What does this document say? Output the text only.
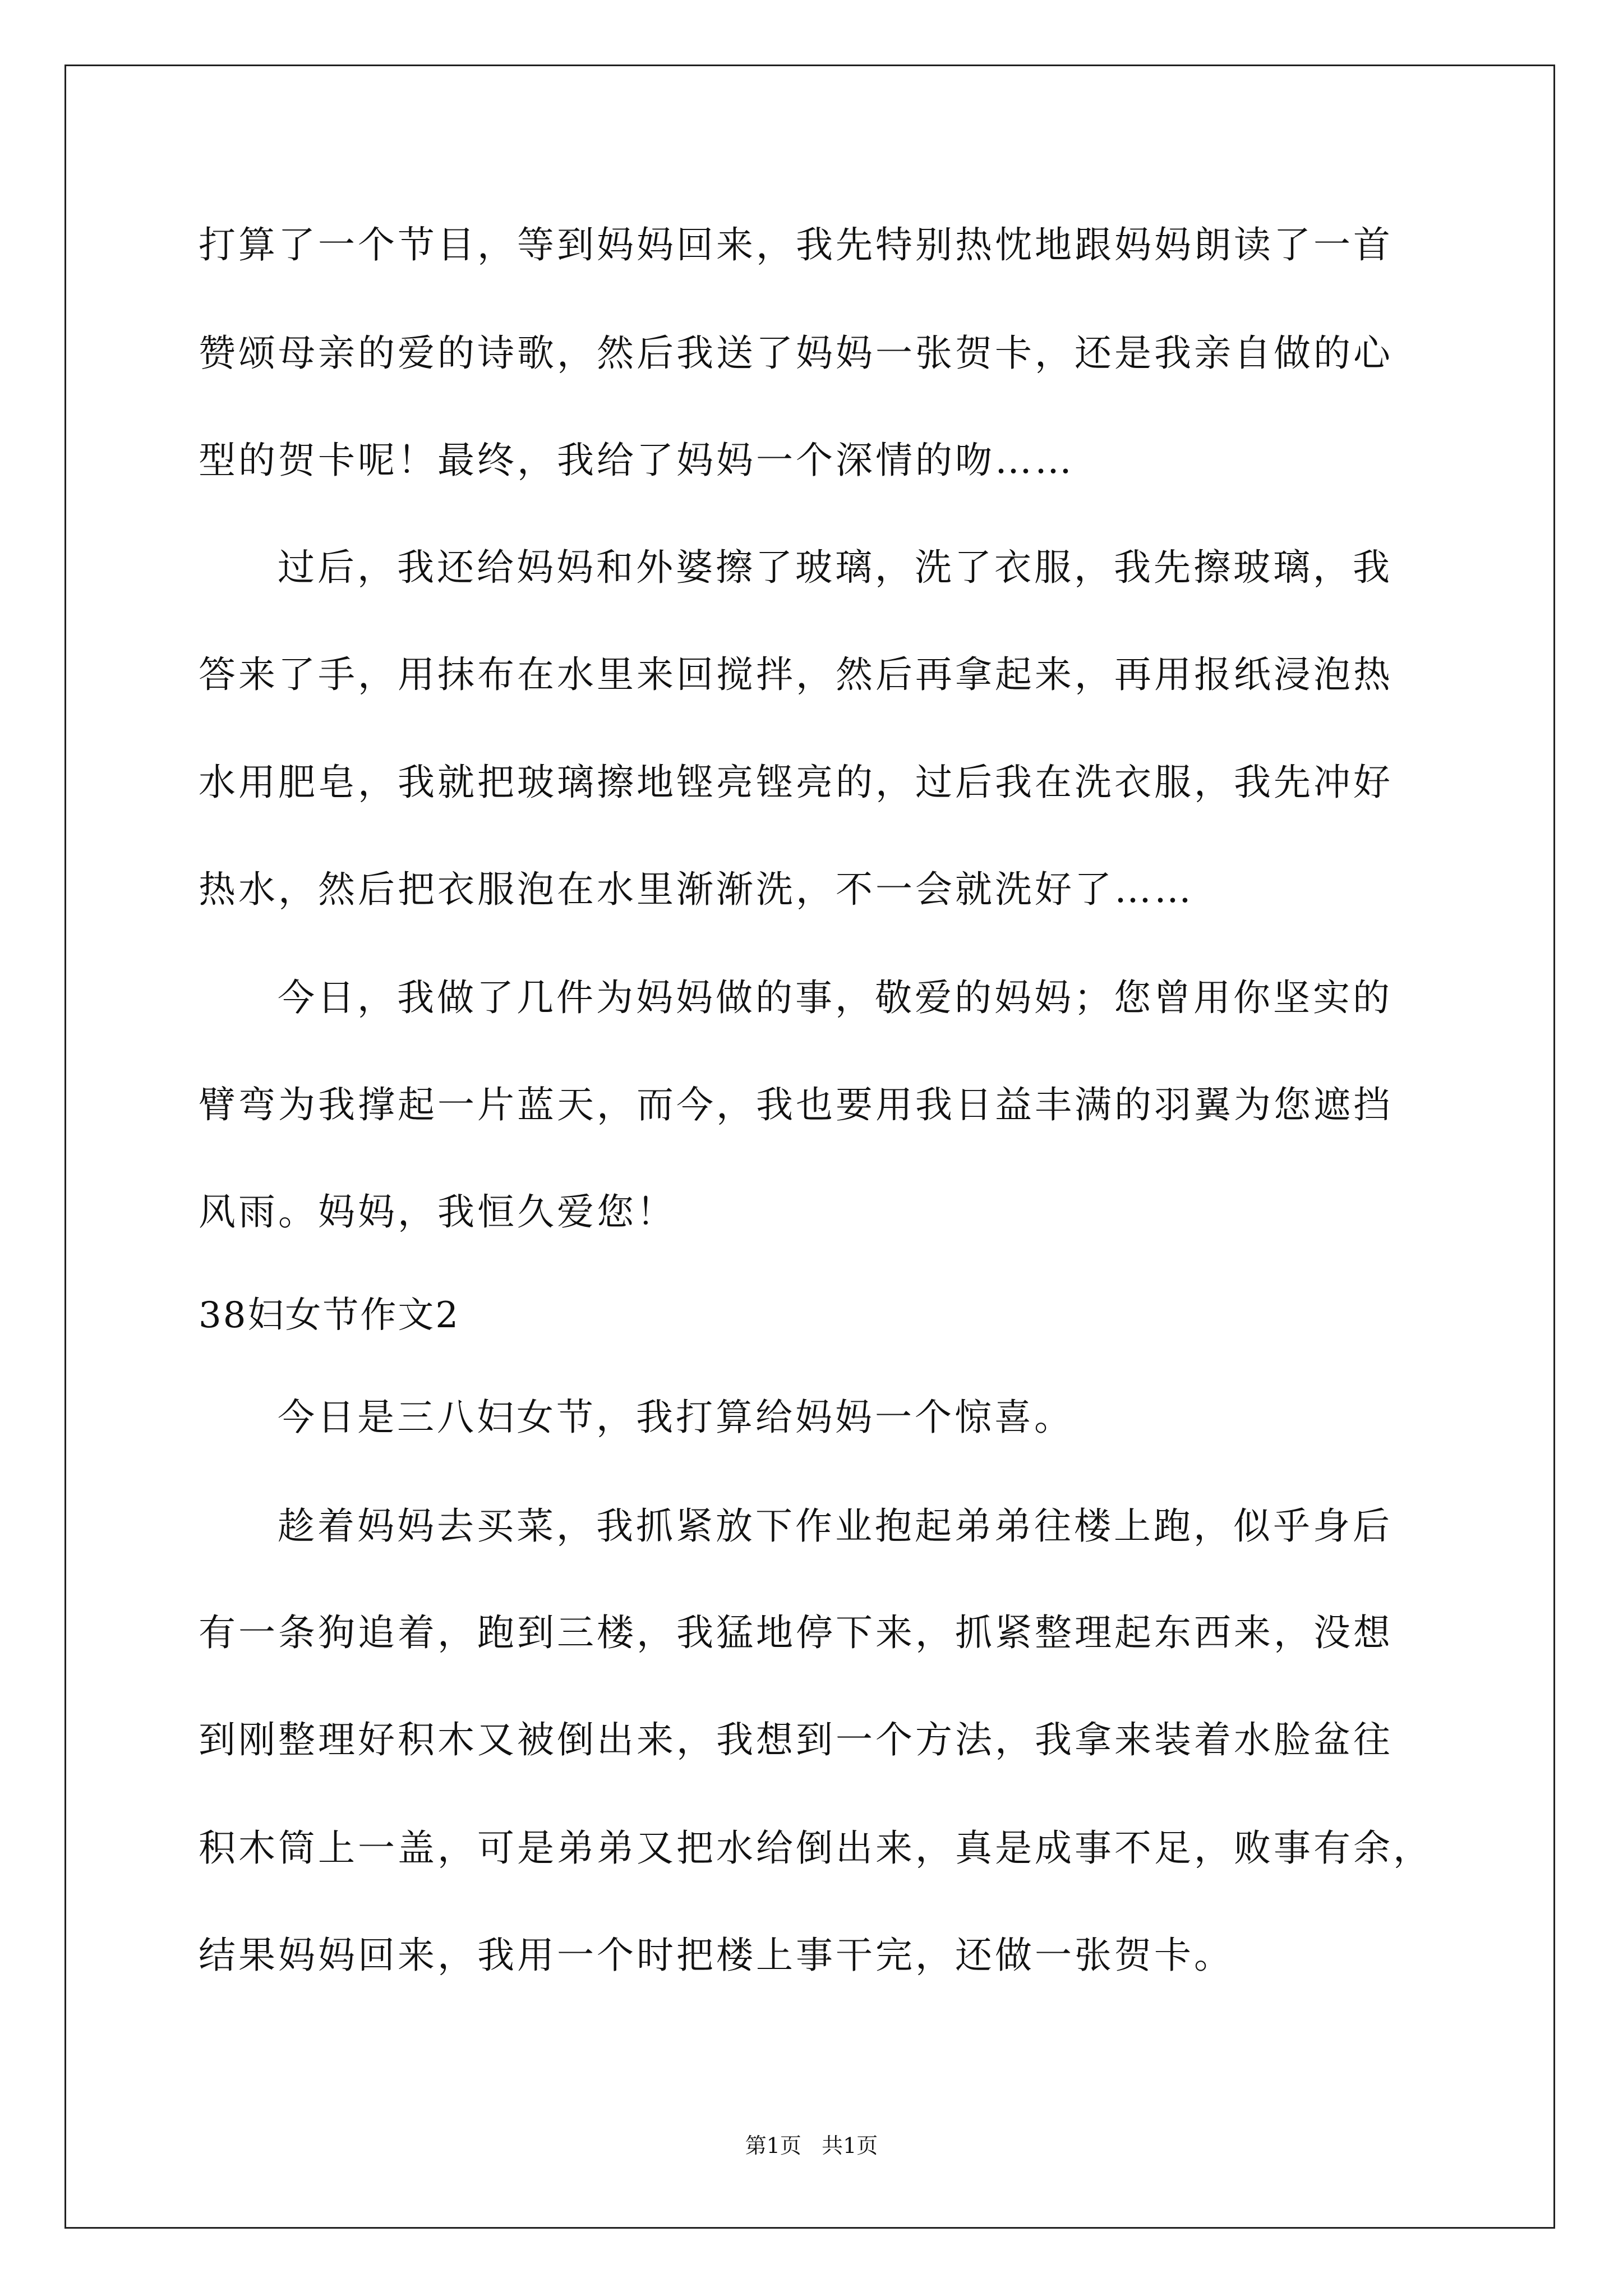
打算了一个节目，等到妈妈回来，我先特别热忱地跟妈妈朗读了一首
赞颂母亲的爱的诗歌，然后我送了妈妈一张贺卡，还是我亲自做的心
型的贺卡呢！最终，我给了妈妈一个深情的吻……
过后，我还给妈妈和外婆擦了玻璃，洗了衣服，我先擦玻璃，我
答来了手，用抹布在水里来回搅拌，然后再拿起来，再用报纸浸泡热
水用肥皂，我就把玻璃擦地铿亮铿亮的，过后我在洗衣服，我先冲好
热水，然后把衣服泡在水里渐渐洗，不一会就洗好了……
今日，我做了几件为妈妈做的事，敬爱的妈妈；您曾用你坚实的
臂弯为我撑起一片蓝天，而今，我也要用我日益丰满的羽翼为您遮挡
风雨。妈妈，我恒久爱您！
38妇女节作文2
今日是三八妇女节，我打算给妈妈一个惊喜。
趁着妈妈去买菜，我抓紧放下作业抱起弟弟往楼上跑，似乎身后
有一条狗追着，跑到三楼，我猛地停下来，抓紧整理起东西来，没想
到刚整理好积木又被倒出来，我想到一个方法，我拿来装着水脸盆往
积木筒上一盖，可是弟弟又把水给倒出来，真是成事不足，败事有余，
结果妈妈回来，我用一个时把楼上事干完，还做一张贺卡。
第1页   共1页
